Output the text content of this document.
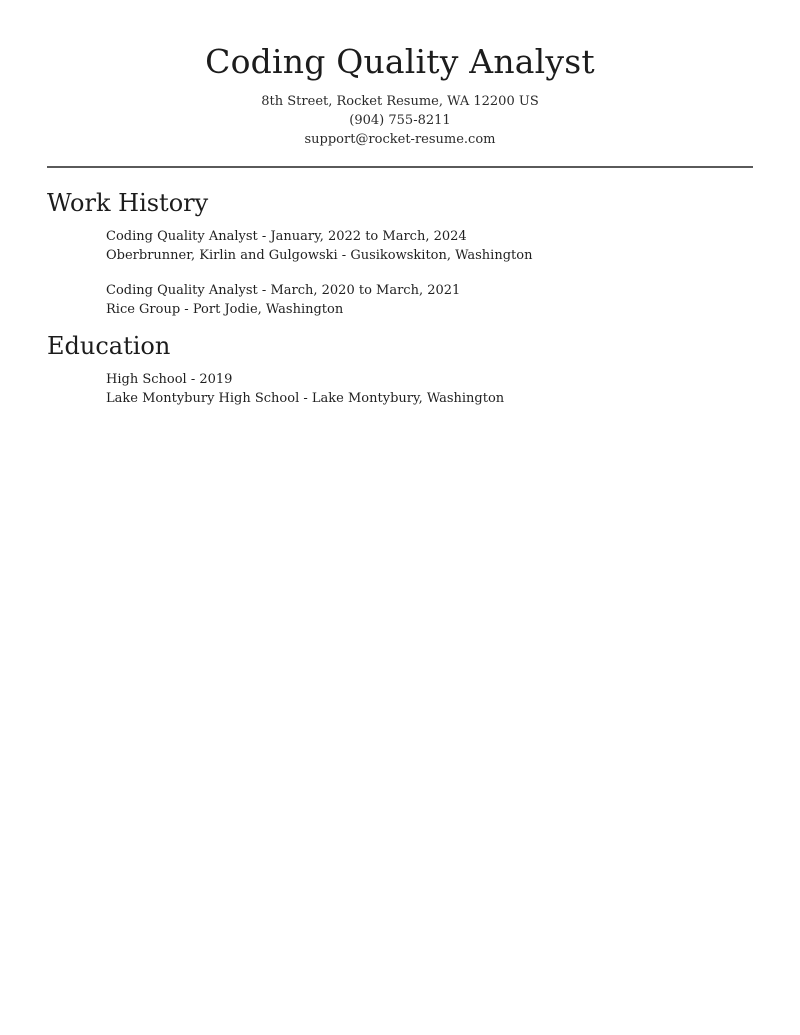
Coding Quality Analyst
8th Street, Rocket Resume, WA 12200 US
(904) 755-8211
support@rocket-resume.com
Work History
Coding Quality Analyst - January, 2022 to March, 2024
Oberbrunner, Kirlin and Gulgowski - Gusikowskiton, Washington
Coding Quality Analyst - March, 2020 to March, 2021
Rice Group - Port Jodie, Washington
Education
High School - 2019
Lake Montybury High School - Lake Montybury, Washington
